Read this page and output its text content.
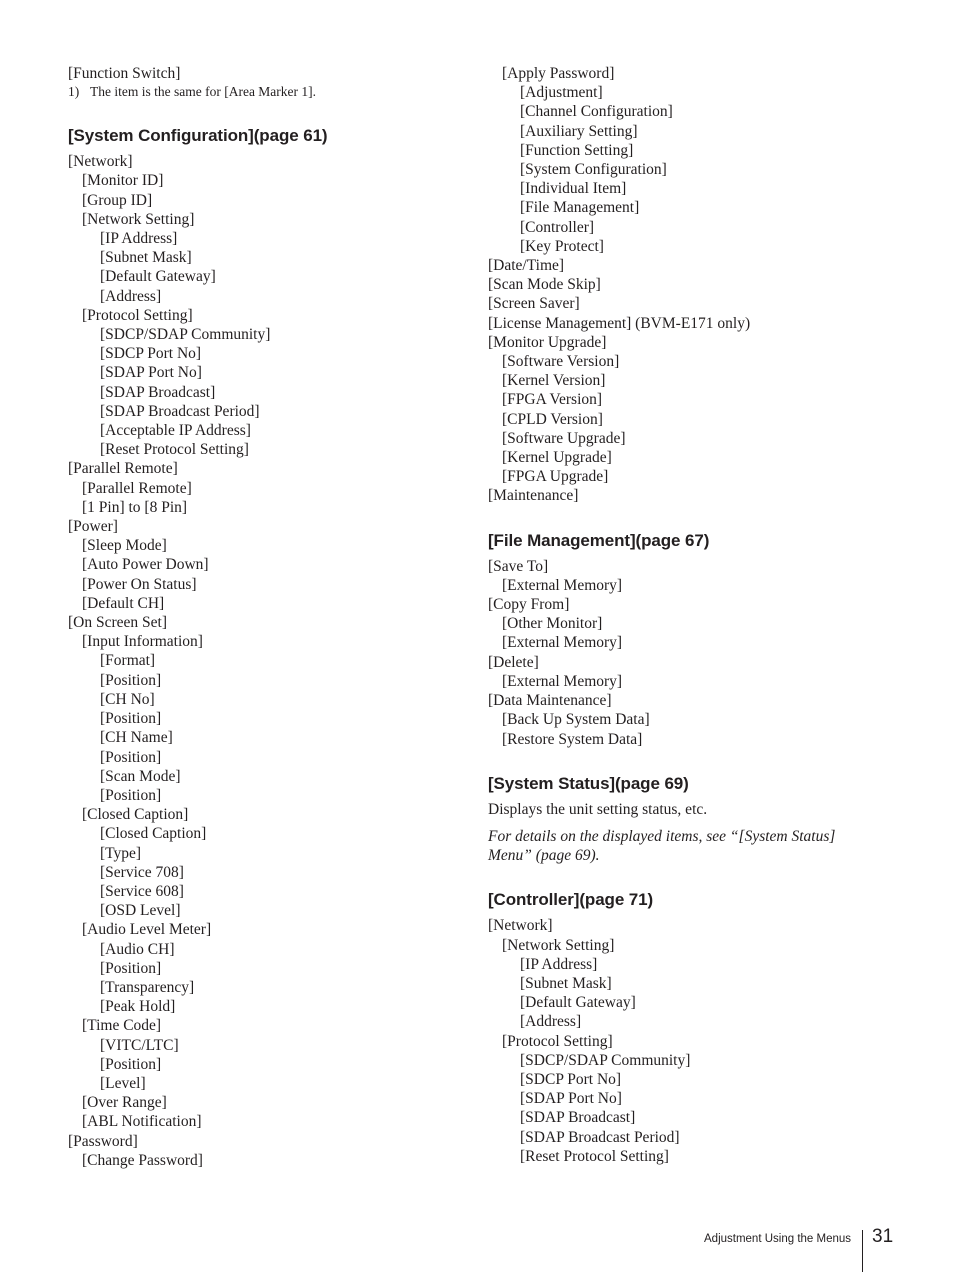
[Function Switch]
1) The item is the same for [Area Marker 1].
[System Configuration](page 61)
[Network]
[Monitor ID]
[Group ID]
[Network Setting]
[IP Address]
[Subnet Mask]
[Default Gateway]
[Address]
[Protocol Setting]
[SDCP/SDAP Community]
[SDCP Port No]
[SDAP Port No]
[SDAP Broadcast]
[SDAP Broadcast Period]
[Acceptable IP Address]
[Reset Protocol Setting]
[Parallel Remote]
[Parallel Remote]
[1 Pin] to [8 Pin]
[Power]
[Sleep Mode]
[Auto Power Down]
[Power On Status]
[Default CH]
[On Screen Set]
[Input Information]
[Format]
[Position]
[CH No]
[Position]
[CH Name]
[Position]
[Scan Mode]
[Position]
[Closed Caption]
[Closed Caption]
[Type]
[Service 708]
[Service 608]
[OSD Level]
[Audio Level Meter]
[Audio CH]
[Position]
[Transparency]
[Peak Hold]
[Time Code]
[VITC/LTC]
[Position]
[Level]
[Over Range]
[ABL Notification]
[Password]
[Change Password]
[Apply Password]
[Adjustment]
[Channel Configuration]
[Auxiliary Setting]
[Function Setting]
[System Configuration]
[Individual Item]
[File Management]
[Controller]
[Key Protect]
[Date/Time]
[Scan Mode Skip]
[Screen Saver]
[License Management] (BVM-E171 only)
[Monitor Upgrade]
[Software Version]
[Kernel Version]
[FPGA Version]
[CPLD Version]
[Software Upgrade]
[Kernel Upgrade]
[FPGA Upgrade]
[Maintenance]
[File Management](page 67)
[Save To]
[External Memory]
[Copy From]
[Other Monitor]
[External Memory]
[Delete]
[External Memory]
[Data Maintenance]
[Back Up System Data]
[Restore System Data]
[System Status](page 69)
Displays the unit setting status, etc.
For details on the displayed items, see “[System Status]
Menu” (page 69).
[Controller](page 71)
[Network]
[Network Setting]
[IP Address]
[Subnet Mask]
[Default Gateway]
[Address]
[Protocol Setting]
[SDCP/SDAP Community]
[SDCP Port No]
[SDAP Port No]
[SDAP Broadcast]
[SDAP Broadcast Period]
[Reset Protocol Setting]
Adjustment Using the Menus 31
